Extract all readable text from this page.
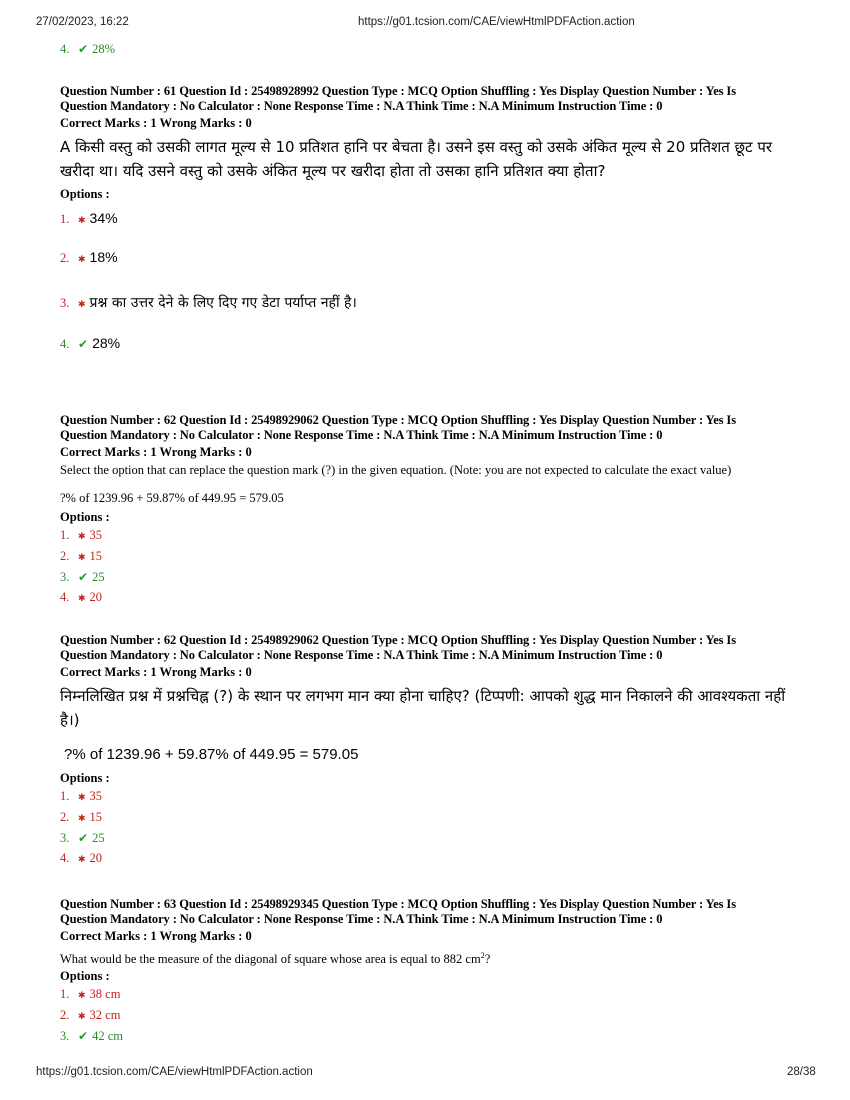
27/02/2023, 16:22	https://g01.tcsion.com/CAE/viewHtmlPDFAction.action
4. ✔ 28%
Question Number : 61 Question Id : 25498928992 Question Type : MCQ Option Shuffling : Yes Display Question Number : Yes Is
Question Mandatory : No Calculator : None Response Time : N.A Think Time : N.A Minimum Instruction Time : 0
Correct Marks : 1 Wrong Marks : 0
A किसी वस्तु को उसकी लागत मूल्य से 10 प्रतिशत हानि पर बेचता है। उसने इस वस्तु को उसके अंकित मूल्य से 20 प्रतिशत छूट पर खरीदा था। यदि उसने वस्तु को उसके अंकित मूल्य पर खरीदा होता तो उसका हानि प्रतिशत क्या होता?
Options :
1. ✱ 34%
2. ✱ 18%
3. ✱ प्रश्न का उत्तर देने के लिए दिए गए डेटा पर्याप्त नहीं है।
4. ✔ 28%
Question Number : 62 Question Id : 25498929062 Question Type : MCQ Option Shuffling : Yes Display Question Number : Yes Is
Question Mandatory : No Calculator : None Response Time : N.A Think Time : N.A Minimum Instruction Time : 0
Correct Marks : 1 Wrong Marks : 0
Select the option that can replace the question mark (?) in the given equation. (Note: you are not expected to calculate the exact value)
?% of 1239.96 + 59.87% of 449.95 = 579.05
Options :
1. ✱ 35
2. ✱ 15
3. ✔ 25
4. ✱ 20
Question Number : 62 Question Id : 25498929062 Question Type : MCQ Option Shuffling : Yes Display Question Number : Yes Is
Question Mandatory : No Calculator : None Response Time : N.A Think Time : N.A Minimum Instruction Time : 0
Correct Marks : 1 Wrong Marks : 0
निम्नलिखित प्रश्न में प्रश्नचिह्न (?) के स्थान पर लगभग मान क्या होना चाहिए? (टिप्पणी: आपको शुद्ध मान निकालने की आवश्यकता नहीं है।)
?% of 1239.96 + 59.87% of 449.95 = 579.05
Options :
1. ✱ 35
2. ✱ 15
3. ✔ 25
4. ✱ 20
Question Number : 63 Question Id : 25498929345 Question Type : MCQ Option Shuffling : Yes Display Question Number : Yes Is
Question Mandatory : No Calculator : None Response Time : N.A Think Time : N.A Minimum Instruction Time : 0
Correct Marks : 1 Wrong Marks : 0
What would be the measure of the diagonal of square whose area is equal to 882 $cm^2$?
Options :
1. ✱ 38 cm
2. ✱ 32 cm
3. ✔ 42 cm
https://g01.tcsion.com/CAE/viewHtmlPDFAction.action	28/38
